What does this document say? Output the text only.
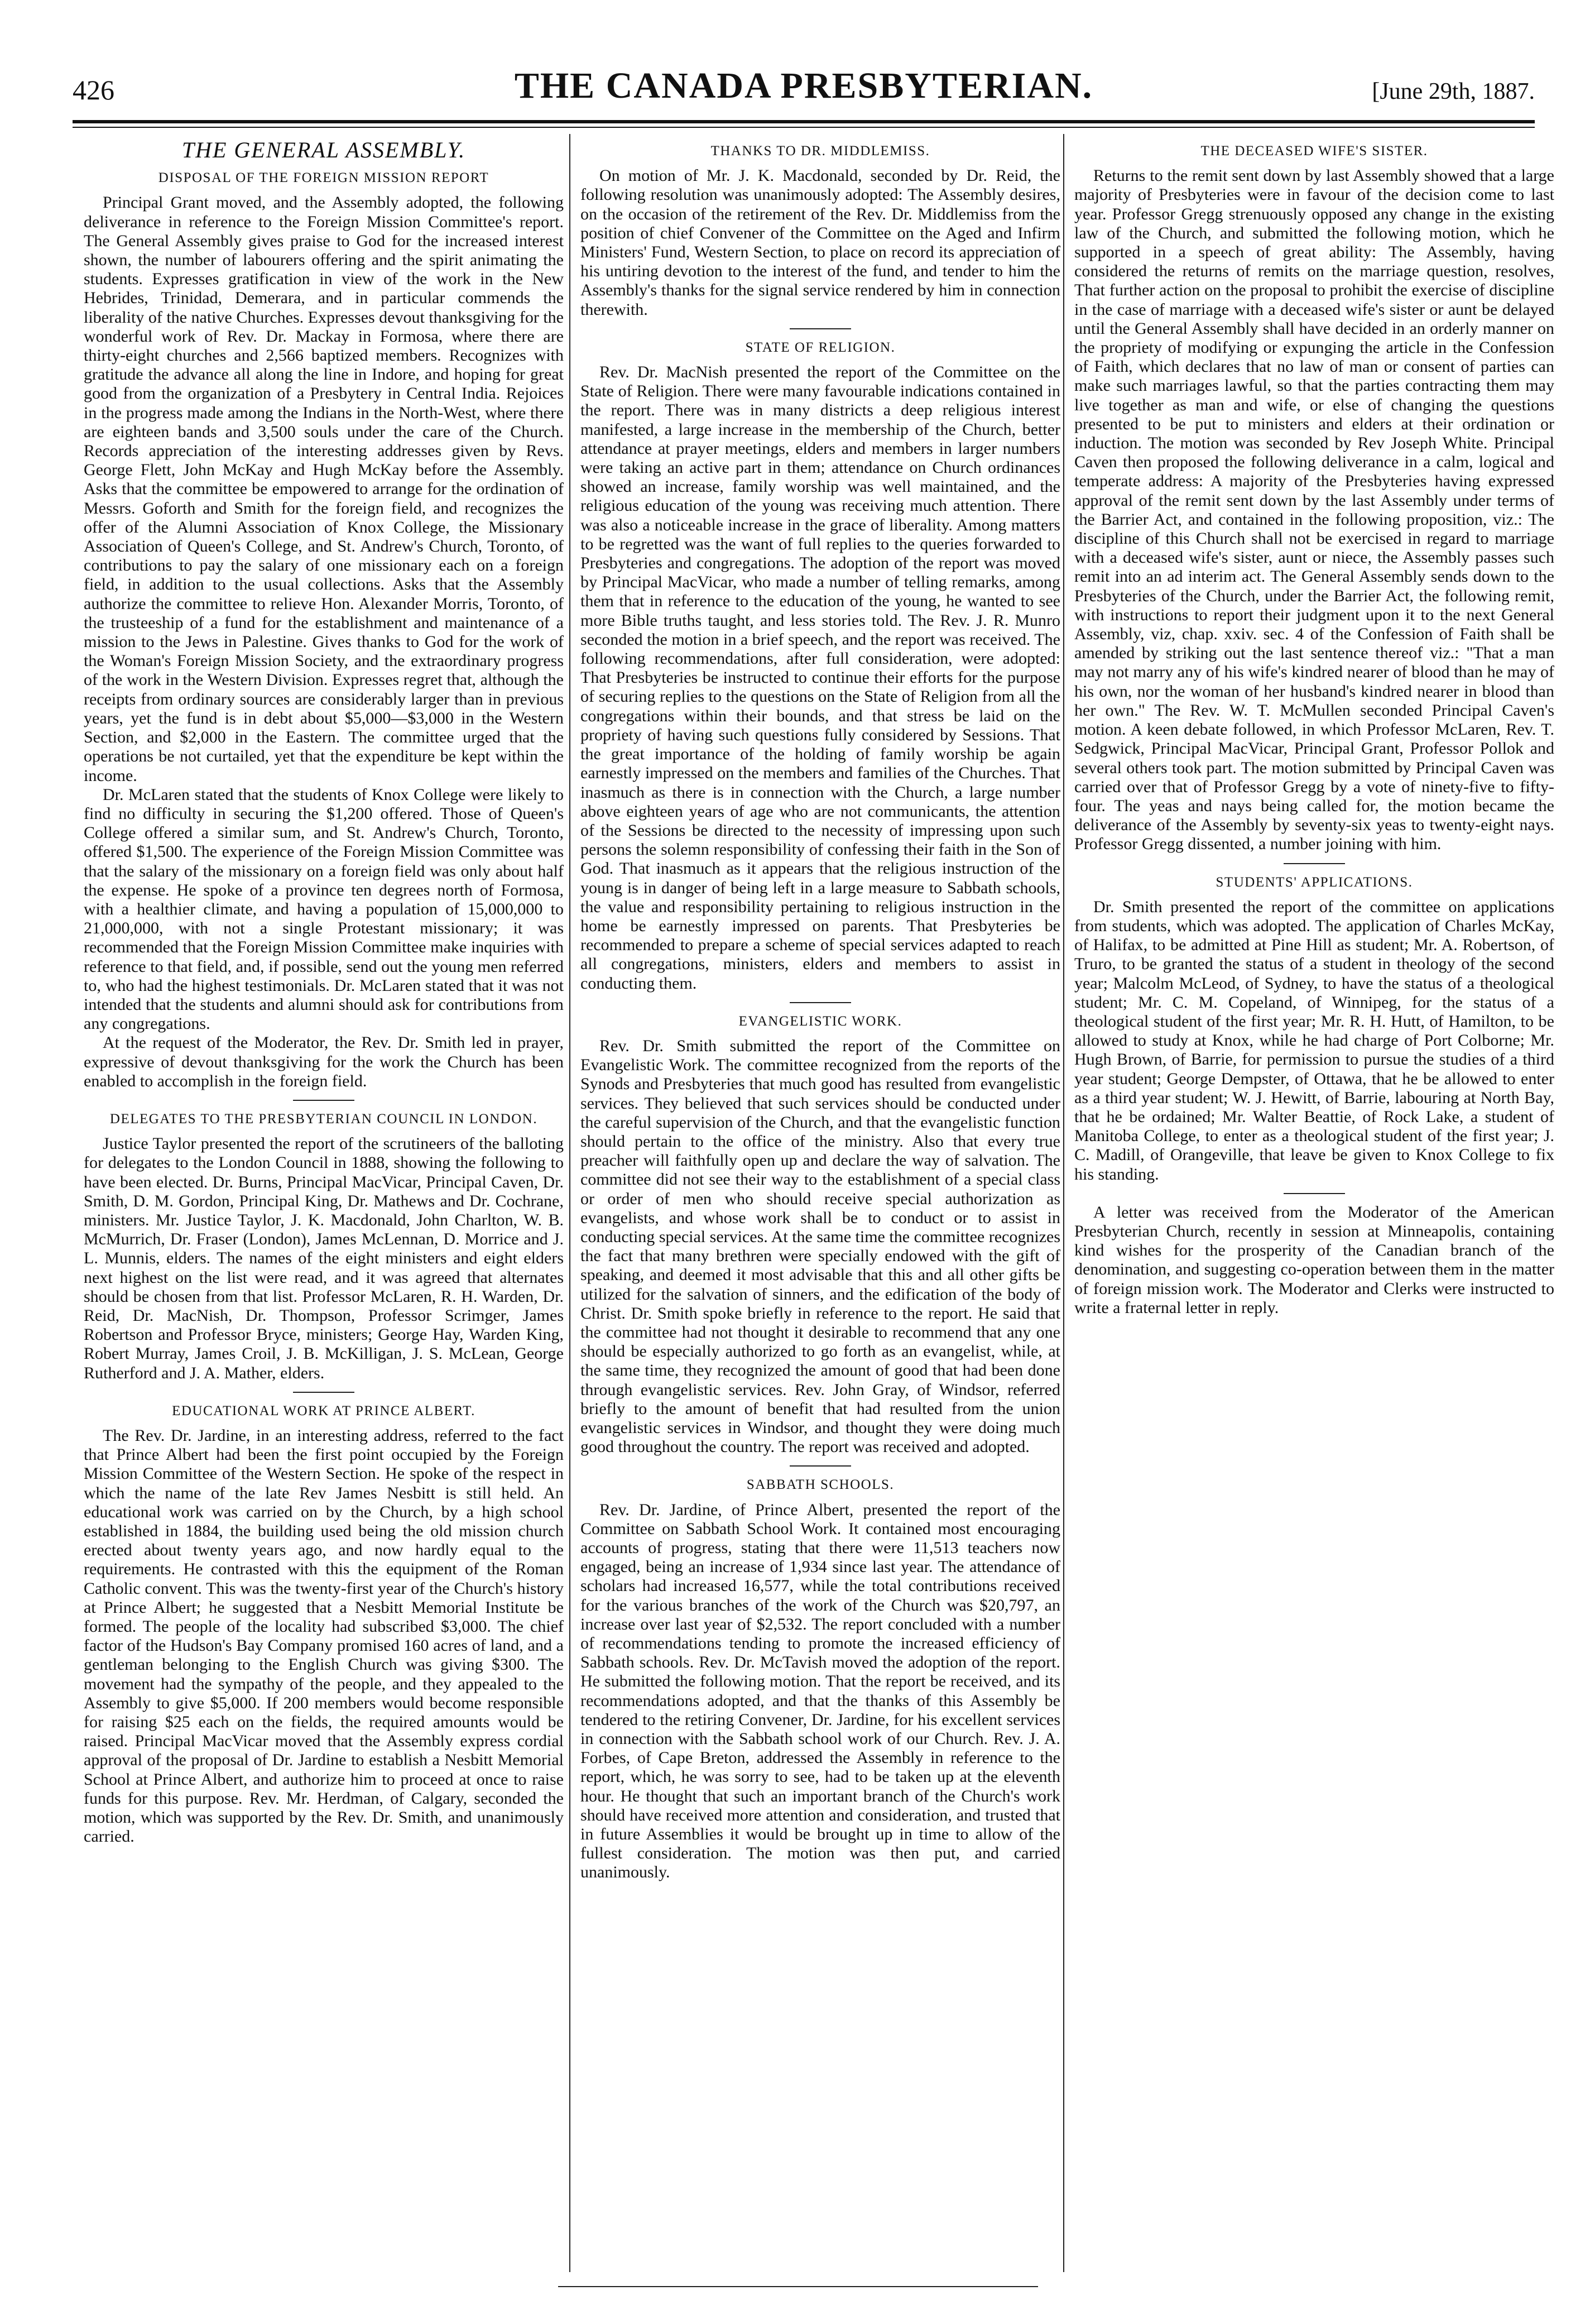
426	THE CANADA PRESBYTERIAN.	[June 29th, 1887.
THE GENERAL ASSEMBLY.
DISPOSAL OF THE FOREIGN MISSION REPORT

Principal Grant moved, and the Assembly adopted, the following deliverance in reference to the Foreign Mission Committee's report. The General Assembly gives praise to God for the increased interest shown, the number of labourers offering and the spirit animating the students. Expresses gratification in view of the work in the New Hebrides, Trinidad, Demerara, and in particular commends the liberality of the native Churches. Expresses devout thanksgiving for the wonderful work of Rev. Dr. Mackay in Formosa, where there are thirty-eight churches and 2,566 baptized members. Recognizes with gratitude the advance all along the line in Indore, and hoping for great good from the organization of a Presbytery in Central India. Rejoices in the progress made among the Indians in the North-West, where there are eighteen bands and 3,500 souls under the care of the Church. Records appreciation of the interesting addresses given by Revs. George Flett, John McKay and Hugh McKay before the Assembly. Asks that the committee be empowered to arrange for the ordination of Messrs. Goforth and Smith for the foreign field, and recognizes the offer of the Alumni Association of Knox College, the Missionary Association of Queen's College, and St. Andrew's Church, Toronto, of contributions to pay the salary of one missionary each on a foreign field, in addition to the usual collections. Asks that the Assembly authorize the committee to relieve Hon. Alexander Morris, Toronto, of the trusteeship of a fund for the establishment and maintenance of a mission to the Jews in Palestine. Gives thanks to God for the work of the Woman's Foreign Mission Society, and the extraordinary progress of the work in the Western Division. Expresses regret that, although the receipts from ordinary sources are considerably larger than in previous years, yet the fund is in debt about $5,000—$3,000 in the Western Section, and $2,000 in the Eastern. The committee urged that the operations be not curtailed, yet that the expenditure be kept within the income.

Dr. McLaren stated that the students of Knox College were likely to find no difficulty in securing the $1,200 offered. Those of Queen's College offered a similar sum, and St. Andrew's Church, Toronto, offered $1,500. The experience of the Foreign Mission Committee was that the salary of the missionary on a foreign field was only about half the expense. He spoke of a province ten degrees north of Formosa, with a healthier climate, and having a population of 15,000,000 to 21,000,000, with not a single Protestant missionary; it was recommended that the Foreign Mission Committee make inquiries with reference to that field, and, if possible, send out the young men referred to, who had the highest testimonials. Dr. McLaren stated that it was not intended that the students and alumni should ask for contributions from any congregations.

At the request of the Moderator, the Rev. Dr. Smith led in prayer, expressive of devout thanksgiving for the work the Church has been enabled to accomplish in the foreign field.

DELEGATES TO THE PRESBYTERIAN COUNCIL IN LONDON.

Justice Taylor presented the report of the scrutineers of the balloting for delegates to the London Council in 1888, showing the following to have been elected. Dr. Burns, Principal MacVicar, Principal Caven, Dr. Smith, D. M. Gordon, Principal King, Dr. Mathews and Dr. Cochrane, ministers. Mr. Justice Taylor, J. K. Macdonald, John Charlton, W. B. McMurrich, Dr. Fraser (London), James McLennan, D. Morrice and J. L. Munnis, elders. The names of the eight ministers and eight elders next highest on the list were read, and it was agreed that alternates should be chosen from that list. Professor McLaren, R. H. Warden, Dr. Reid, Dr. MacNish, Dr. Thompson, Professor Scrimger, James Robertson and Professor Bryce, ministers; George Hay, Warden King, Robert Murray, James Croil, J. B. McKilligan, J. S. McLean, George Rutherford and J. A. Mather, elders.

EDUCATIONAL WORK AT PRINCE ALBERT.

The Rev. Dr. Jardine, in an interesting address, referred to the fact that Prince Albert had been the first point occupied by the Foreign Mission Committee of the Western Section. He spoke of the respect in which the name of the late Rev James Nesbitt is still held. An educational work was carried on by the Church, by a high school established in 1884, the building used being the old mission church erected about twenty years ago, and now hardly equal to the requirements. He contrasted with this the equipment of the Roman Catholic convent. This was the twenty-first year of the Church's history at Prince Albert; he suggested that a Nesbitt Memorial Institute be formed. The people of the locality had subscribed $3,000. The chief factor of the Hudson's Bay Company promised 160 acres of land, and a gentleman belonging to the English Church was giving $300. The movement had the sympathy of the people, and they appealed to the Assembly to give $5,000. If 200 members would become responsible for raising $25 each on the fields, the required amounts would be raised. Principal MacVicar moved that the Assembly express cordial approval of the proposal of Dr. Jardine to establish a Nesbitt Memorial School at Prince Albert, and authorize him to proceed at once to raise funds for this purpose. Rev. Mr. Herdman, of Calgary, seconded the motion, which was supported by the Rev. Dr. Smith, and unanimously carried.

THANKS TO DR. MIDDLEMISS.

On motion of Mr. J. K. Macdonald, seconded by Dr. Reid, the following resolution was unanimously adopted: The Assembly desires, on the occasion of the retirement of the Rev. Dr. Middlemiss from the position of chief Convener of the Committee on the Aged and Infirm Ministers' Fund, Western Section, to place on record its appreciation of his untiring devotion to the interest of the fund, and tender to him the Assembly's thanks for the signal service rendered by him in connection therewith.

STATE OF RELIGION.

Rev. Dr. MacNish presented the report of the Committee on the State of Religion. There were many favourable indications contained in the report. There was in many districts a deep religious interest manifested, a large increase in the membership of the Church, better attendance at prayer meetings, elders and members in larger numbers were taking an active part in them; attendance on Church ordinances showed an increase, family worship was well maintained, and the religious education of the young was receiving much attention. There was also a noticeable increase in the grace of liberality. Among matters to be regretted was the want of full replies to the queries forwarded to Presbyteries and congregations. The adoption of the report was moved by Principal MacVicar, who made a number of telling remarks, among them that in reference to the education of the young, he wanted to see more Bible truths taught, and less stories told. The Rev. J. R. Munro seconded the motion in a brief speech, and the report was received. The following recommendations, after full consideration, were adopted: That Presbyteries be instructed to continue their efforts for the purpose of securing replies to the questions on the State of Religion from all the congregations within their bounds, and that stress be laid on the propriety of having such questions fully considered by Sessions. That the great importance of the holding of family worship be again earnestly impressed on the members and families of the Churches. That inasmuch as there is in connection with the Church, a large number above eighteen years of age who are not communicants, the attention of the Sessions be directed to the necessity of impressing upon such persons the solemn responsibility of confessing their faith in the Son of God. That inasmuch as it appears that the religious instruction of the young is in danger of being left in a large measure to Sabbath schools, the value and responsibility pertaining to religious instruction in the home be earnestly impressed on parents. That Presbyteries be recommended to prepare a scheme of special services adapted to reach all congregations, ministers, elders and members to assist in conducting them.

EVANGELISTIC WORK.

Rev. Dr. Smith submitted the report of the Committee on Evangelistic Work. The committee recognized from the reports of the Synods and Presbyteries that much good has resulted from evangelistic services. They believed that such services should be conducted under the careful supervision of the Church, and that the evangelistic function should pertain to the office of the ministry. Also that every true preacher will faithfully open up and declare the way of salvation. The committee did not see their way to the establishment of a special class or order of men who should receive special authorization as evangelists, and whose work shall be to conduct or to assist in conducting special services. At the same time the committee recognizes the fact that many brethren were specially endowed with the gift of speaking, and deemed it most advisable that this and all other gifts be utilized for the salvation of sinners, and the edification of the body of Christ. Dr. Smith spoke briefly in reference to the report. He said that the committee had not thought it desirable to recommend that any one should be especially authorized to go forth as an evangelist, while, at the same time, they recognized the amount of good that had been done through evangelistic services. Rev. John Gray, of Windsor, referred briefly to the amount of benefit that had resulted from the union evangelistic services in Windsor, and thought they were doing much good throughout the country. The report was received and adopted.

SABBATH SCHOOLS.

Rev. Dr. Jardine, of Prince Albert, presented the report of the Committee on Sabbath School Work. It contained most encouraging accounts of progress, stating that there were 11,513 teachers now engaged, being an increase of 1,934 since last year. The attendance of scholars had increased 16,577, while the total contributions received for the various branches of the work of the Church was $20,797, an increase over last year of $2,532. The report concluded with a number of recommendations tending to promote the increased efficiency of Sabbath schools. Rev. Dr. McTavish moved the adoption of the report. He submitted the following motion. That the report be received, and its recommendations adopted, and that the thanks of this Assembly be tendered to the retiring Convener, Dr. Jardine, for his excellent services in connection with the Sabbath school work of our Church. Rev. J. A. Forbes, of Cape Breton, addressed the Assembly in reference to the report, which, he was sorry to see, had to be taken up at the eleventh hour. He thought that such an important branch of the Church's work should have received more attention and consideration, and trusted that in future Assemblies it would be brought up in time to allow of the fullest consideration. The motion was then put, and carried unanimously.

THE DECEASED WIFE'S SISTER.

Returns to the remit sent down by last Assembly showed that a large majority of Presbyteries were in favour of the decision come to last year. Professor Gregg strenuously opposed any change in the existing law of the Church, and submitted the following motion, which he supported in a speech of great ability: The Assembly, having considered the returns of remits on the marriage question, resolves, That further action on the proposal to prohibit the exercise of discipline in the case of marriage with a deceased wife's sister or aunt be delayed until the General Assembly shall have decided in an orderly manner on the propriety of modifying or expunging the article in the Confession of Faith, which declares that no law of man or consent of parties can make such marriages lawful, so that the parties contracting them may live together as man and wife, or else of changing the questions presented to be put to ministers and elders at their ordination or induction. The motion was seconded by Rev Joseph White. Principal Caven then proposed the following deliverance in a calm, logical and temperate address: A majority of the Presbyteries having expressed approval of the remit sent down by the last Assembly under terms of the Barrier Act, and contained in the following proposition, viz.: The discipline of this Church shall not be exercised in regard to marriage with a deceased wife's sister, aunt or niece, the Assembly passes such remit into an ad interim act. The General Assembly sends down to the Presbyteries of the Church, under the Barrier Act, the following remit, with instructions to report their judgment upon it to the next General Assembly, viz, chap. xxiv. sec. 4 of the Confession of Faith shall be amended by striking out the last sentence thereof viz.: "That a man may not marry any of his wife's kindred nearer of blood than he may of his own, nor the woman of her husband's kindred nearer in blood than her own." The Rev. W. T. McMullen seconded Principal Caven's motion. A keen debate followed, in which Professor McLaren, Rev. T. Sedgwick, Principal MacVicar, Principal Grant, Professor Pollok and several others took part. The motion submitted by Principal Caven was carried over that of Professor Gregg by a vote of ninety-five to fifty-four. The yeas and nays being called for, the motion became the deliverance of the Assembly by seventy-six yeas to twenty-eight nays. Professor Gregg dissented, a number joining with him.

STUDENTS' APPLICATIONS.

Dr. Smith presented the report of the committee on applications from students, which was adopted. The application of Charles McKay, of Halifax, to be admitted at Pine Hill as student; Mr. A. Robertson, of Truro, to be granted the status of a student in theology of the second year; Malcolm McLeod, of Sydney, to have the status of a theological student; Mr. C. M. Copeland, of Winnipeg, for the status of a theological student of the first year; Mr. R. H. Hutt, of Hamilton, to be allowed to study at Knox, while he had charge of Port Colborne; Mr. Hugh Brown, of Barrie, for permission to pursue the studies of a third year student; George Dempster, of Ottawa, that he be allowed to enter as a third year student; W. J. Hewitt, of Barrie, labouring at North Bay, that he be ordained; Mr. Walter Beattie, of Rock Lake, a student of Manitoba College, to enter as a theological student of the first year; J. C. Madill, of Orangeville, that leave be given to Knox College to fix his standing.

A letter was received from the Moderator of the American Presbyterian Church, recently in session at Minneapolis, containing kind wishes for the prosperity of the Canadian branch of the denomination, and suggesting co-operation between them in the matter of foreign mission work. The Moderator and Clerks were instructed to write a fraternal letter in reply.
